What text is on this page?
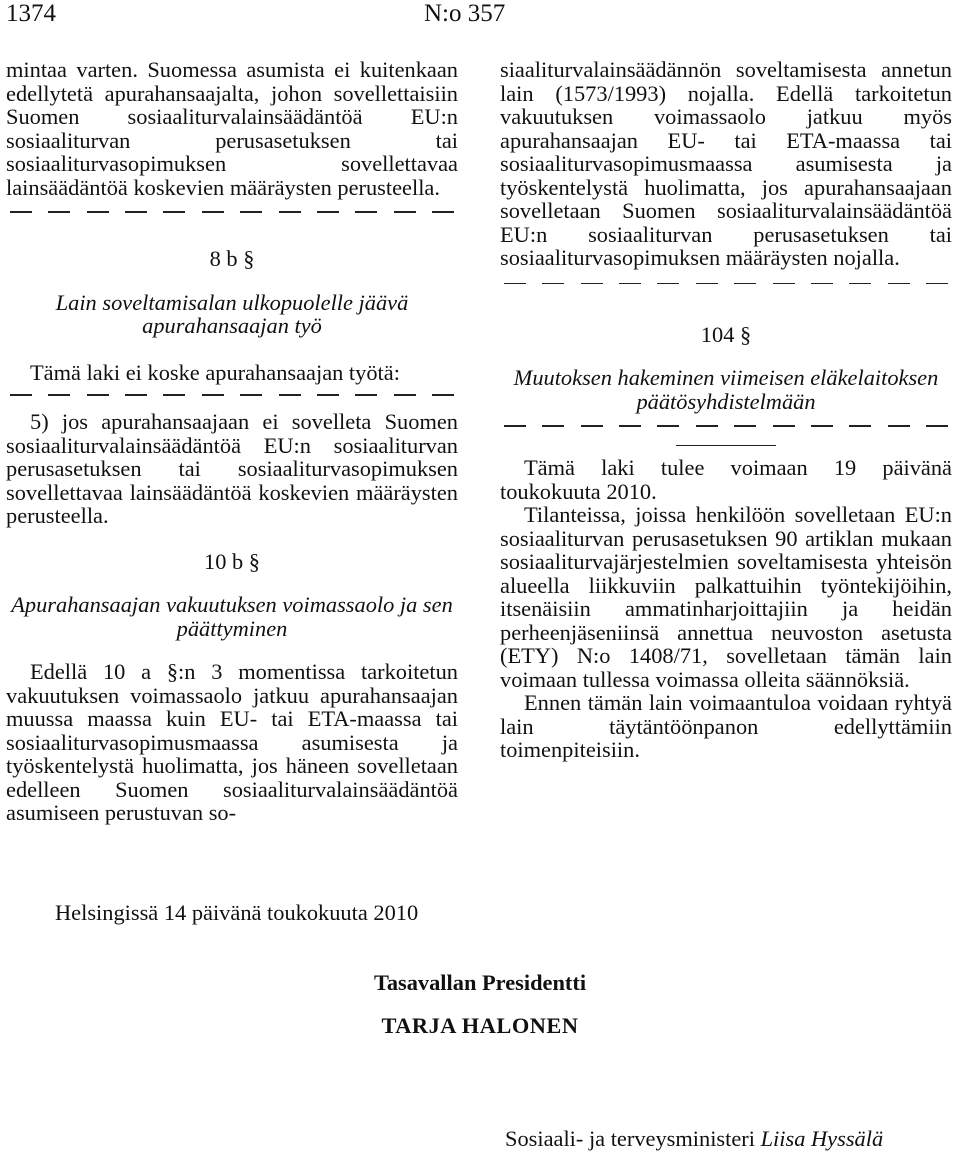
1374	N:o 357

mintaa varten. Suomessa asumista ei kuitenkaan edellytetä apurahansaajalta, johon sovellettaisiin Suomen sosiaaliturvalainsäädäntöä EU:n sosiaaliturvan perusasetuksen tai sosiaaliturvasopimuksen sovellettavaa lainsäädäntöä koskevien määräysten perusteella.

8 b §

Lain soveltamisalan ulkopuolelle jäävä apurahansaajan työ

Tämä laki ei koske apurahansaajan työtä:

5) jos apurahansaajaan ei sovelleta Suomen sosiaaliturvalainsäädäntöä EU:n sosiaaliturvan perusasetuksen tai sosiaaliturvasopimuksen sovellettavaa lainsäädäntöä koskevien määräysten perusteella.

10 b §

Apurahansaajan vakuutuksen voimassaolo ja sen päättyminen

Edellä 10 a §:n 3 momentissa tarkoitetun vakuutuksen voimassaolo jatkuu apurahansaajan muussa maassa kuin EU- tai ETA-maassa tai sosiaaliturvasopimusmaassa asumisesta ja työskentelystä huolimatta, jos häneen sovelletaan edelleen Suomen sosiaaliturvalainsäädäntöä asumiseen perustuvan so-

siaaliturvalainsäädännön soveltamisesta annetun lain (1573/1993) nojalla. Edellä tarkoitetun vakuutuksen voimassaolo jatkuu myös apurahansaajan EU- tai ETA-maassa tai sosiaaliturvasopimusmaassa asumisesta ja työskentelystä huolimatta, jos apurahansaajaan sovelletaan Suomen sosiaaliturvalainsäädäntöä EU:n sosiaaliturvan perusasetuksen tai sosiaaliturvasopimuksen määräysten nojalla.

104 §

Muutoksen hakeminen viimeisen eläkelaitoksen päätösyhdistelmään

Tämä laki tulee voimaan 19 päivänä toukokuuta 2010.

Tilanteissa, joissa henkilöön sovelletaan EU:n sosiaaliturvan perusasetuksen 90 artiklan mukaan sosiaaliturvajärjestelmien soveltamisesta yhteisön alueella liikkuviin palkattuihin työntekijöihin, itsenäisiin ammatinharjoittajiin ja heidän perheenjäseniinsä annettua neuvoston asetusta (ETY) N:o 1408/71, sovelletaan tämän lain voimaan tullessa voimassa olleita säännöksiä.

Ennen tämän lain voimaantuloa voidaan ryhtyä lain täytäntöönpanon edellyttämiin toimenpiteisiin.

Helsingissä 14 päivänä toukokuuta 2010
Tasavallan Presidentti
TARJA HALONEN
Sosiaali- ja terveysministeri Liisa Hyssälä
